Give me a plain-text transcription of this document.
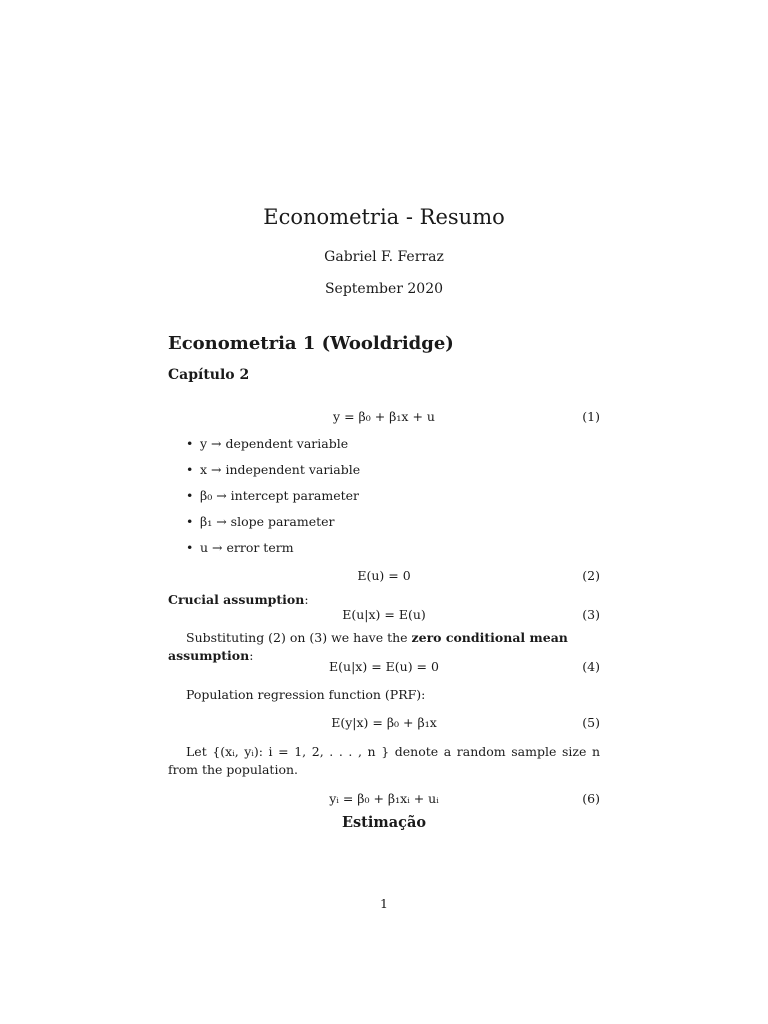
Econometria - Resumo
Gabriel F. Ferraz
September 2020
Econometria 1 (Wooldridge)
Capítulo 2
y = β₀ + β₁x + u	(1)
• y → dependent variable
• x → independent variable
• β₀ → intercept parameter
• β₁ → slope parameter
• u → error term
E(u) = 0	(2)

Crucial assumption:

E(u|x) = E(u)	(3)

Substituting (2) on (3) we have the zero conditional mean assumption:

E(u|x) = E(u) = 0	(4)

Population regression function (PRF):

E(y|x) = β₀ + β₁x	(5)

Let {(xᵢ, yᵢ): i = 1, 2, . . . , n } denote a random sample size n from the population.

yᵢ = β₀ + β₁xᵢ + uᵢ	(6)
Estimação
1
